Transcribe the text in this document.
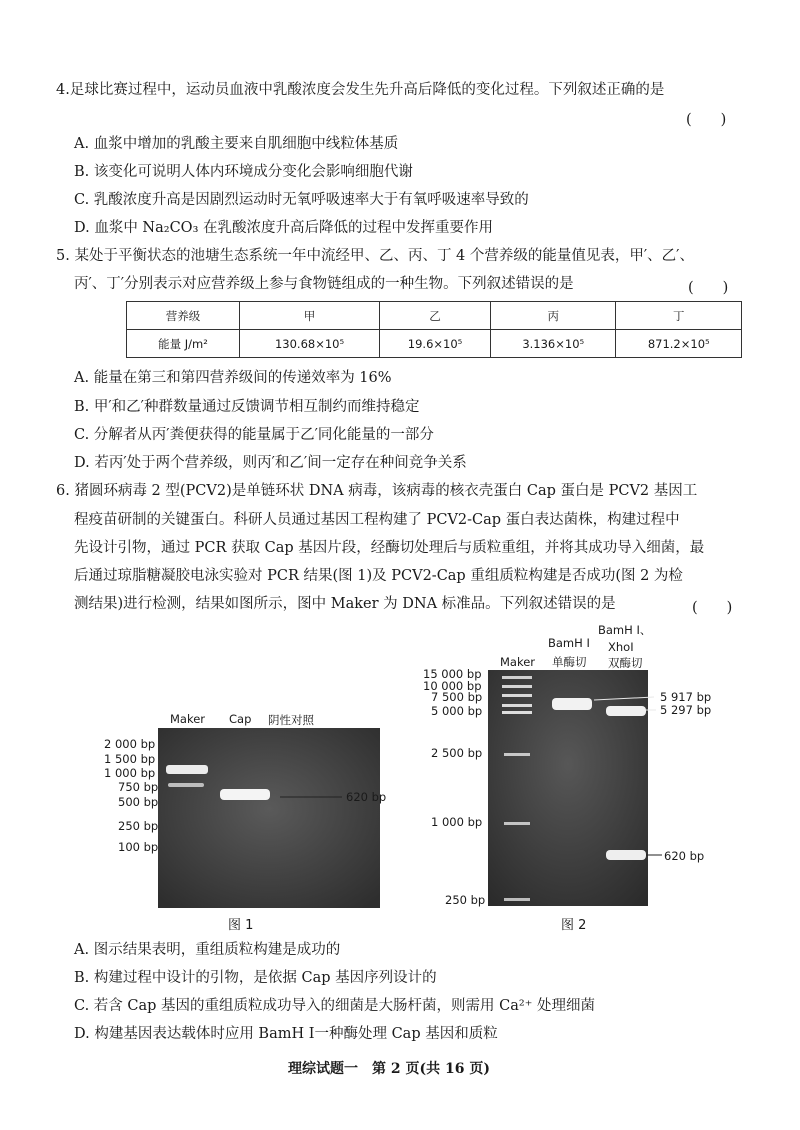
4.足球比赛过程中，运动员血液中乳酸浓度会发生先升高后降低的变化过程。下列叙述正确的是
(　　)
A. 血浆中增加的乳酸主要来自肌细胞中线粒体基质
B. 该变化可说明人体内环境成分变化会影响细胞代谢
C. 乳酸浓度升高是因剧烈运动时无氧呼吸速率大于有氧呼吸速率导致的
D. 血浆中 Na₂CO₃ 在乳酸浓度升高后降低的过程中发挥重要作用
5. 某处于平衡状态的池塘生态系统一年中流经甲、乙、丙、丁 4 个营养级的能量值见表，甲′、乙′、
丙′、丁′分别表示对应营养级上参与食物链组成的一种生物。下列叙述错误的是	(　　)
营养级	甲	乙	丙	丁
能量 J/m²	130.68×10⁵	19.6×10⁵	3.136×10⁵	871.2×10⁵
A. 能量在第三和第四营养级间的传递效率为 16%
B. 甲′和乙′种群数量通过反馈调节相互制约而维持稳定
C. 分解者从丙′粪便获得的能量属于乙′同化能量的一部分
D. 若丙′处于两个营养级，则丙′和乙′间一定存在种间竞争关系
6. 猪圆环病毒 2 型(PCV2)是单链环状 DNA 病毒，该病毒的核衣壳蛋白 Cap 蛋白是 PCV2 基因工
程疫苗研制的关键蛋白。科研人员通过基因工程构建了 PCV2-Cap 蛋白表达菌株，构建过程中
先设计引物，通过 PCR 获取 Cap 基因片段，经酶切处理后与质粒重组，并将其成功导入细菌，最
后通过琼脂糖凝胶电泳实验对 PCR 结果(图 1)及 PCV2-Cap 重组质粒构建是否成功(图 2 为检
测结果)进行检测，结果如图所示，图中 Maker 为 DNA 标准品。下列叙述错误的是	(　　)
Maker Cap 阴性对照
2 000 bp
1 500 bp
1 000 bp
750 bp
500 bp
250 bp
100 bp
620 bp
图 1
Maker
BamH Ⅰ
单酶切
BamH Ⅰ、
XhoⅠ
双酶切
15 000 bp
10 000 bp
7 500 bp
5 000 bp
2 500 bp
1 000 bp
250 bp
5 917 bp
5 297 bp
620 bp
图 2
A. 图示结果表明，重组质粒构建是成功的
B. 构建过程中设计的引物，是依据 Cap 基因序列设计的
C. 若含 Cap 基因的重组质粒成功导入的细菌是大肠杆菌，则需用 Ca²⁺ 处理细菌
D. 构建基因表达载体时应用 BamH Ⅰ一种酶处理 Cap 基因和质粒
理综试题一　第 2 页(共 16 页)
